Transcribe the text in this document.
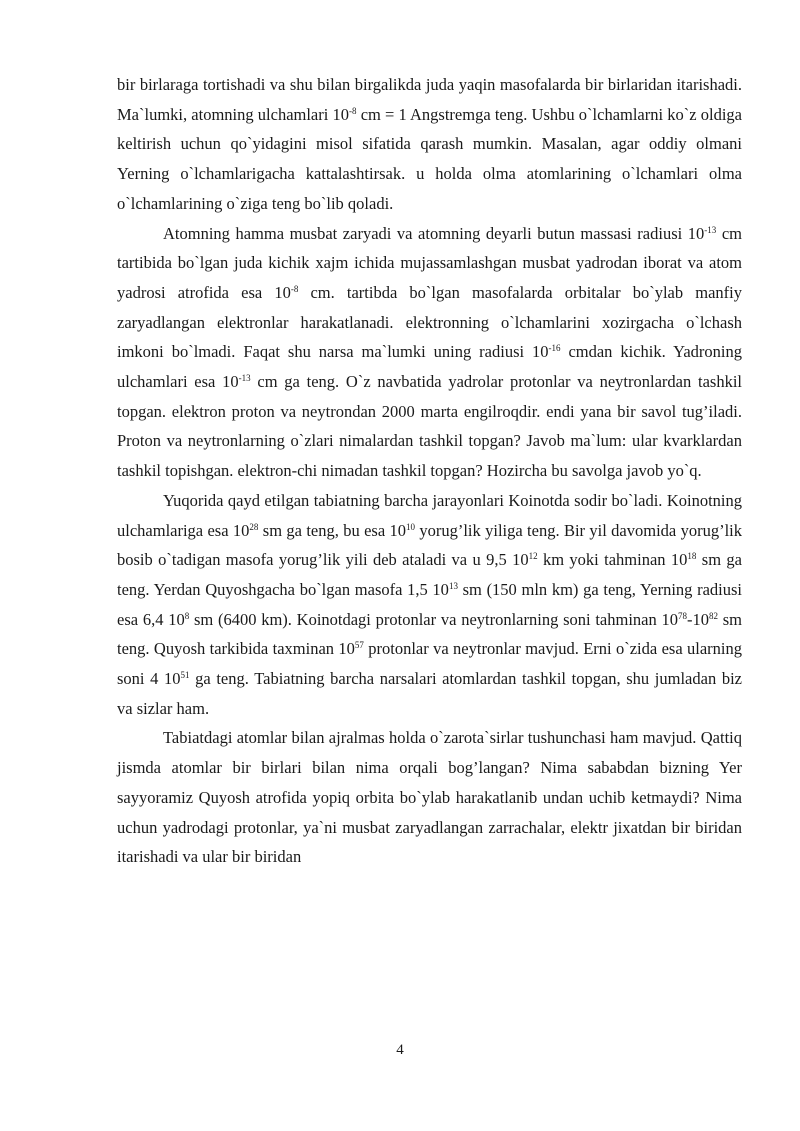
bir birlaraga tortishadi va shu bilan birgalikda juda yaqin masofalarda bir birlaridan itarishadi. Ma`lumki, atomning ulchamlari $10^{-8}$ cm = 1 Angstremga teng. Ushbu o`lchamlarni ko`z oldiga keltirish uchun qo`yidagini misol sifatida qarash mumkin. Masalan, agar oddiy olmani Yerning o`lchamlarigacha kattalashtirsak. u holda olma atomlarining o`lchamlari olma o`lchamlarining o`ziga teng bo`lib qoladi.

Atomning hamma musbat zaryadi va atomning deyarli butun massasi radiusi $10^{-13}$ cm tartibida bo`lgan juda kichik xajm ichida mujassamlashgan musbat yadrodan iborat va atom yadrosi atrofida esa $10^{-8}$ cm. tartibda bo`lgan masofalarda orbitalar bo`ylab manfiy zaryadlangan elektronlar harakatlanadi. elektronning o`lchamlarini xozirgacha o`lchash imkoni bo`lmadi. Faqat shu narsa ma`lumki uning radiusi $10^{-16}$ cmdan kichik. Yadroning ulchamlari esa $10^{-13}$ cm ga teng. O`z navbatida yadrolar protonlar va neytronlardan tashkil topgan. elektron proton va neytrondan 2000 marta engilroqdir. endi yana bir savol tug’iladi. Proton va neytronlarning o`zlari nimalardan tashkil topgan? Javob ma`lum: ular kvarklardan tashkil topishgan. elektron-chi nimadan tashkil topgan? Hozircha bu savolga javob yo`q.

Yuqorida qayd etilgan tabiatning barcha jarayonlari Koinotda sodir bo`ladi. Koinotning ulchamlariga esa $10^{28}$ sm ga teng, bu esa $10^{10}$ yorug’lik yiliga teng. Bir yil davomida yorug’lik bosib o`tadigan masofa yorug’lik yili deb ataladi va u 9,5 $10^{12}$ km yoki tahminan $10^{18}$ sm ga teng. Yerdan Quyoshgacha bo`lgan masofa 1,5 $10^{13}$ sm (150 mln km) ga teng, Yerning radiusi esa 6,4 $10^8$ sm (6400 km). Koinotdagi protonlar va neytronlarning soni tahminan $10^{78}-10^{82}$ sm teng. Quyosh tarkibida taxminan $10^{57}$ protonlar va neytronlar mavjud. Erni o`zida esa ularning soni 4 $10^{51}$ ga teng. Tabiatning barcha narsalari atomlardan tashkil topgan, shu jumladan biz va sizlar ham.

Tabiatdagi atomlar bilan ajralmas holda o`zarota`sirlar tushunchasi ham mavjud. Qattiq jismda atomlar bir birlari bilan nima orqali bog’langan? Nima sababdan bizning Yer sayyoramiz Quyosh atrofida yopiq orbita bo`ylab harakatlanib undan uchib ketmaydi? Nima uchun yadrodagi protonlar, ya`ni musbat zaryadlangan zarrachalar, elektr jixatdan bir biridan itarishadi va ular bir biridan

4
